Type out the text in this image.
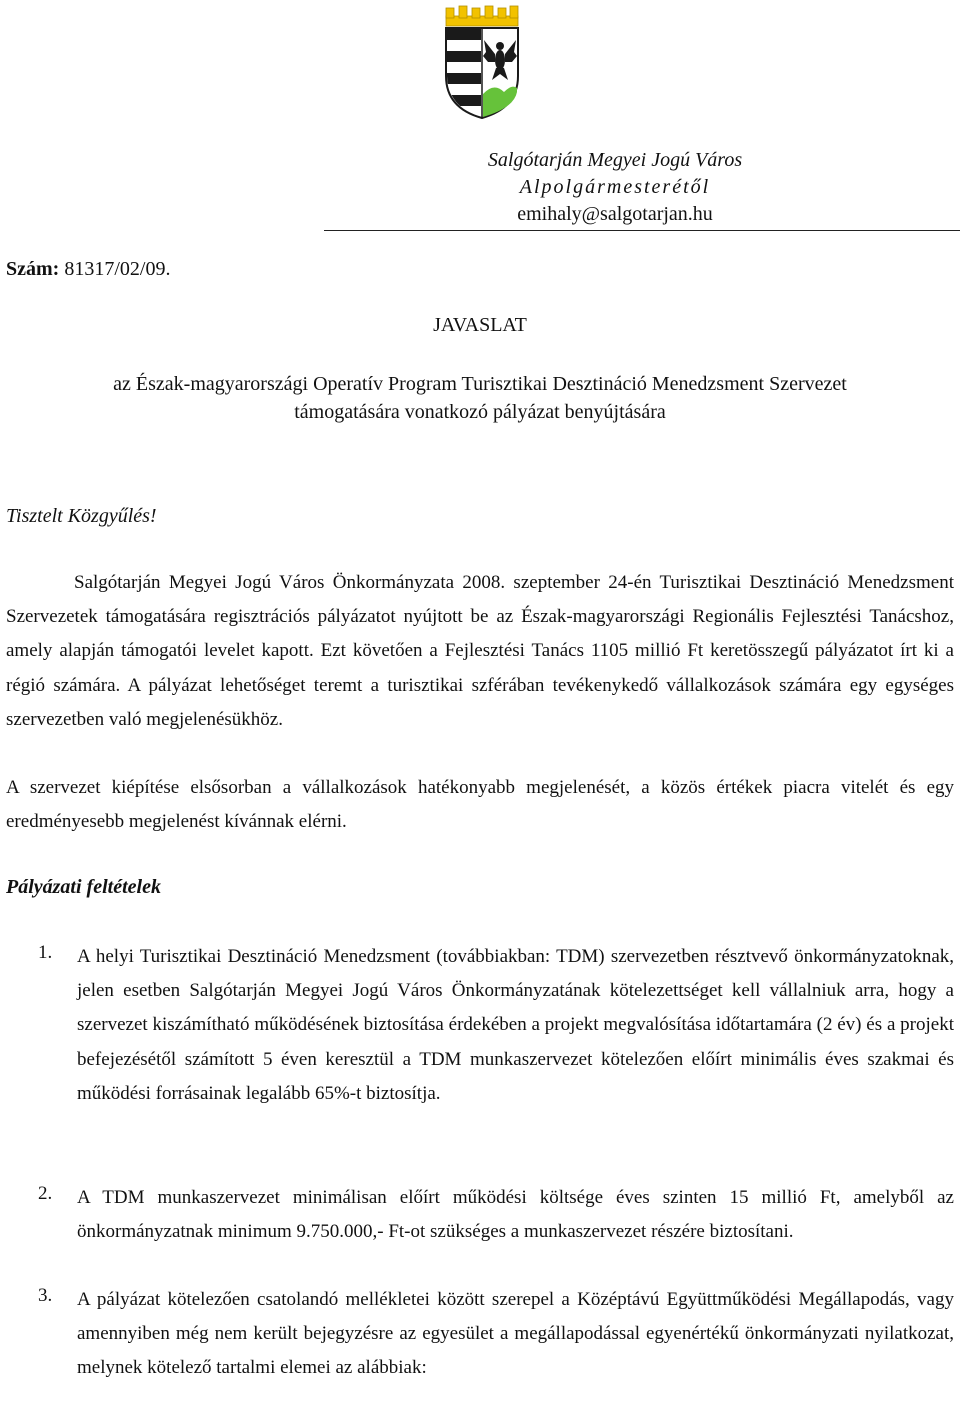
Salgótarján Megyei Jogú Város
Alpolgármesterétől
emihaly@salgotarjan.hu
Szám: 81317/02/09.
JAVASLAT
az Észak-magyarországi Operatív Program Turisztikai Desztináció Menedzsment Szervezet
támogatására vonatkozó pályázat benyújtására
Tisztelt Közgyűlés!
Salgótarján Megyei Jogú Város Önkormányzata 2008. szeptember 24-én Turisztikai Desztináció Menedzsment Szervezetek támogatására regisztrációs pályázatot nyújtott be az Észak-magyarországi Regionális Fejlesztési Tanácshoz, amely alapján támogatói levelet kapott. Ezt követően a Fejlesztési Tanács 1105 millió Ft keretösszegű pályázatot írt ki a régió számára. A pályázat lehetőséget teremt a turisztikai szférában tevékenykedő vállalkozások számára egy egységes szervezetben való megjelenésükhöz.
A szervezet kiépítése elsősorban a vállalkozások hatékonyabb megjelenését, a közös értékek piacra vitelét és egy eredményesebb megjelenést kívánnak elérni.
Pályázati feltételek
1.	A helyi Turisztikai Desztináció Menedzsment (továbbiakban: TDM) szervezetben résztvevő önkormányzatoknak, jelen esetben Salgótarján Megyei Jogú Város Önkormányzatának kötelezettséget kell vállalniuk arra, hogy a szervezet kiszámítható működésének biztosítása érdekében a projekt megvalósítása időtartamára (2 év) és a projekt befejezésétől számított 5 éven keresztül a TDM munkaszervezet kötelezően előírt minimális éves szakmai és működési forrásainak legalább 65%-t biztosítja.
2.	A TDM munkaszervezet minimálisan előírt működési költsége éves szinten 15 millió Ft, amelyből az önkormányzatnak minimum 9.750.000,- Ft-ot szükséges a munkaszervezet részére biztosítani.
3.	A pályázat kötelezően csatolandó mellékletei között szerepel a Középtávú Együttműködési Megállapodás, vagy amennyiben még nem került bejegyzésre az egyesület a megállapodással egyenértékű önkormányzati nyilatkozat, melynek kötelező tartalmi elemei az alábbiak:
